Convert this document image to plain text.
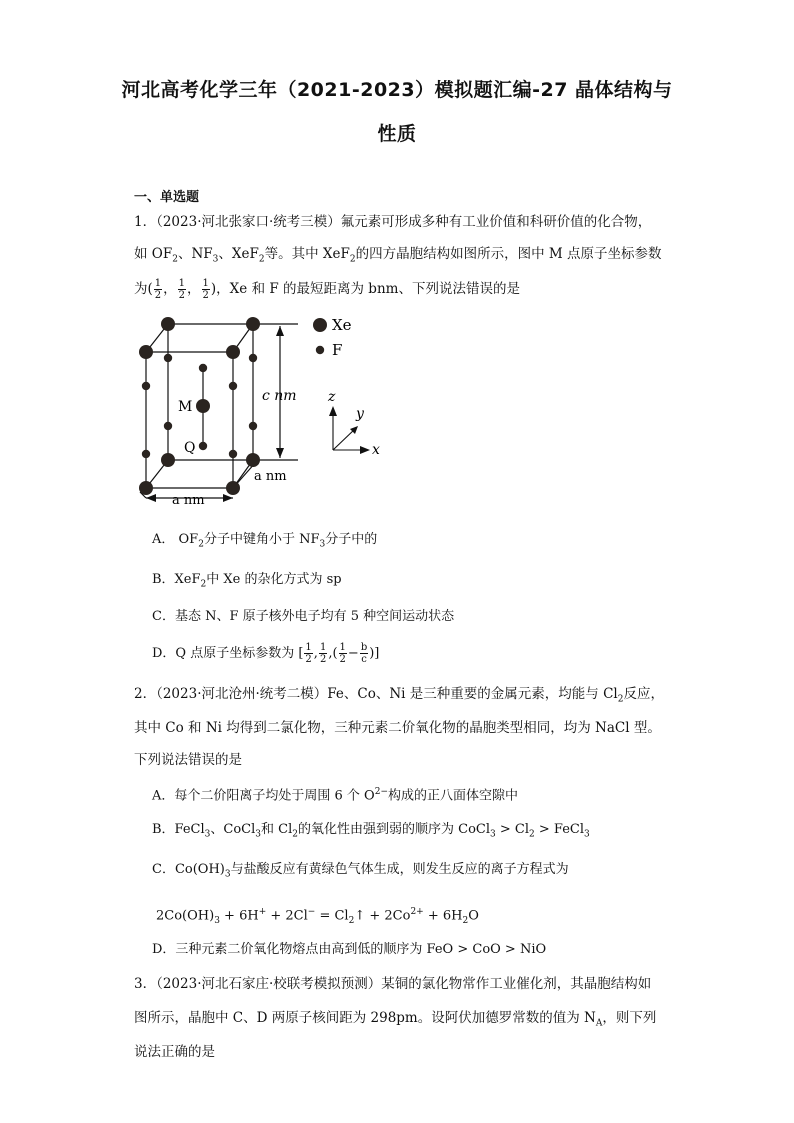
河北高考化学三年（2021-2023）模拟题汇编-27 晶体结构与
性质
一、单选题
1．（2023·河北张家口·统考三模）氟元素可形成多种有工业价值和科研价值的化合物，
如 $OF_2$、$NF_3$、XeF$_2$等。其中 XeF$_2$的四方晶胞结构如图所示，图中 M 点原子坐标参数
为( $\frac{1}{2}$ ， $\frac{1}{2}$ ， $\frac{1}{2}$ )，Xe 和 F 的最短距离为 bnm、下列说法错误的是
M
Q
c nm
a nm
a nm
z
y
x
Xe
F
A． $OF_2$分子中键角小于 $NF_3$分子中的
B．XeF$_2$中 Xe 的杂化方式为 sp
C．基态 N、F 原子核外电子均有 5 种空间运动状态
D．Q 点原子坐标参数为 [ $\frac{1}{2}$ , $\frac{1}{2}$ ,( $\frac{1}{2} - \frac{b}{c}$ )]
2．（2023·河北沧州·统考二模）Fe、Co、Ni 是三种重要的金属元素，均能与 $Cl_2$反应，
其中 Co 和 Ni 均得到二氯化物，三种元素二价氧化物的晶胞类型相同，均为 NaCl 型。
下列说法错误的是
A．每个二价阳离子均处于周围 6 个 $O^{2-}$构成的正八面体空隙中
B．FeCl$_3$、CoCl$_3$和 $Cl_2$的氧化性由强到弱的顺序为 CoCl$_3$ > $Cl_2$ > FeCl$_3$
C．$Co(OH)_3$与盐酸反应有黄绿色气体生成，则发生反应的离子方程式为
$2Co(OH)_3 + 6H^+ + 2Cl^-$ = $Cl_2↑ + 2Co^{2+} + 6H_2O$
D．三种元素二价氧化物熔点由高到低的顺序为 FeO > CoO > NiO
3．（2023·河北石家庄·校联考模拟预测）某铜的氯化物常作工业催化剂，其晶胞结构如
图所示，晶胞中 C、D 两原子核间距为 298pm。设阿伏加德罗常数的值为 $N_A$，则下列
说法正确的是
